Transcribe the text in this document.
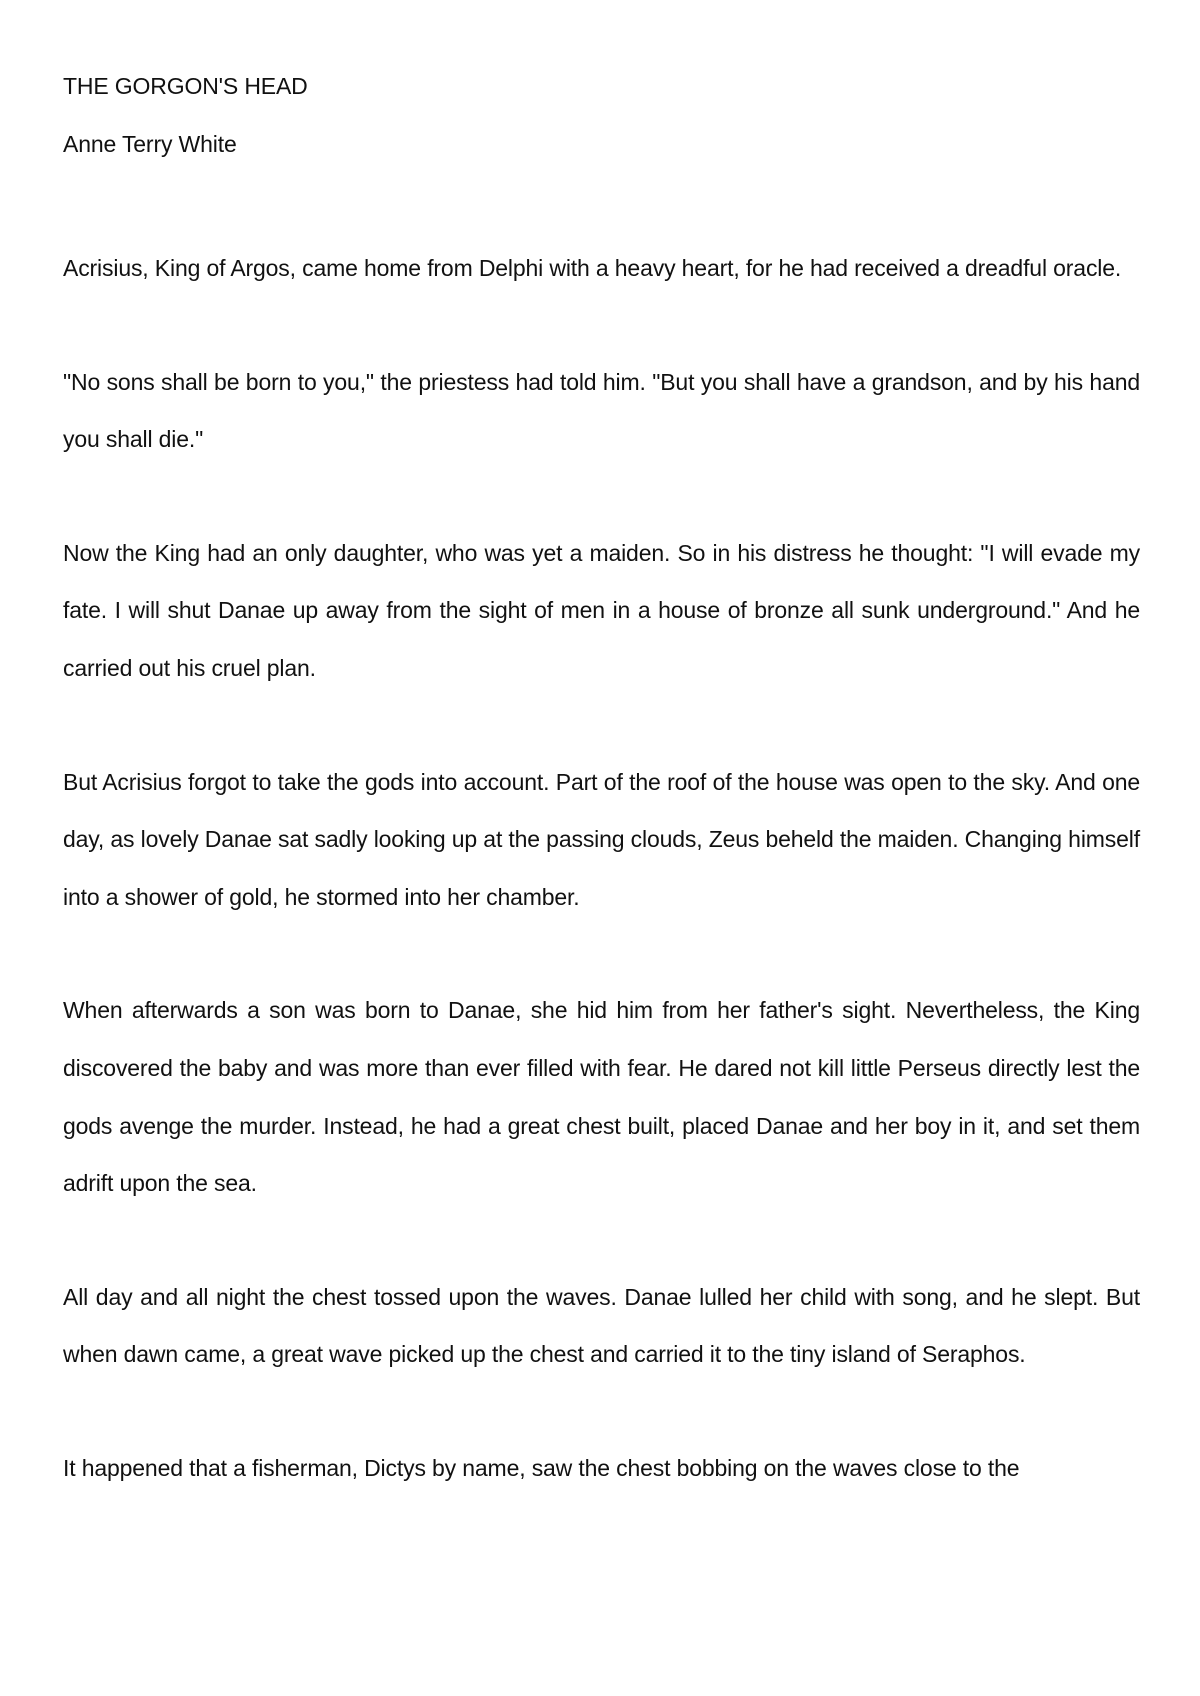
THE GORGON'S HEAD

Anne Terry White

Acrisius, King of Argos, came home from Delphi with a heavy heart, for he had received a dreadful oracle.

"No sons shall be born to you," the priestess had told him. "But you shall have a grandson, and by his hand you shall die."

Now the King had an only daughter, who was yet a maiden. So in his distress he thought: "I will evade my fate. I will shut Danae up away from the sight of men in a house of bronze all sunk underground." And he carried out his cruel plan.

But Acrisius forgot to take the gods into account. Part of the roof of the house was open to the sky. And one day, as lovely Danae sat sadly looking up at the passing clouds, Zeus beheld the maiden. Changing himself into a shower of gold, he stormed into her chamber.

When afterwards a son was born to Danae, she hid him from her father's sight. Nevertheless, the King discovered the baby and was more than ever filled with fear. He dared not kill little Perseus directly lest the gods avenge the murder. Instead, he had a great chest built, placed Danae and her boy in it, and set them adrift upon the sea.

All day and all night the chest tossed upon the waves. Danae lulled her child with song, and he slept. But when dawn came, a great wave picked up the chest and carried it to the tiny island of Seraphos.

It happened that a fisherman, Dictys by name, saw the chest bobbing on the waves close to the
